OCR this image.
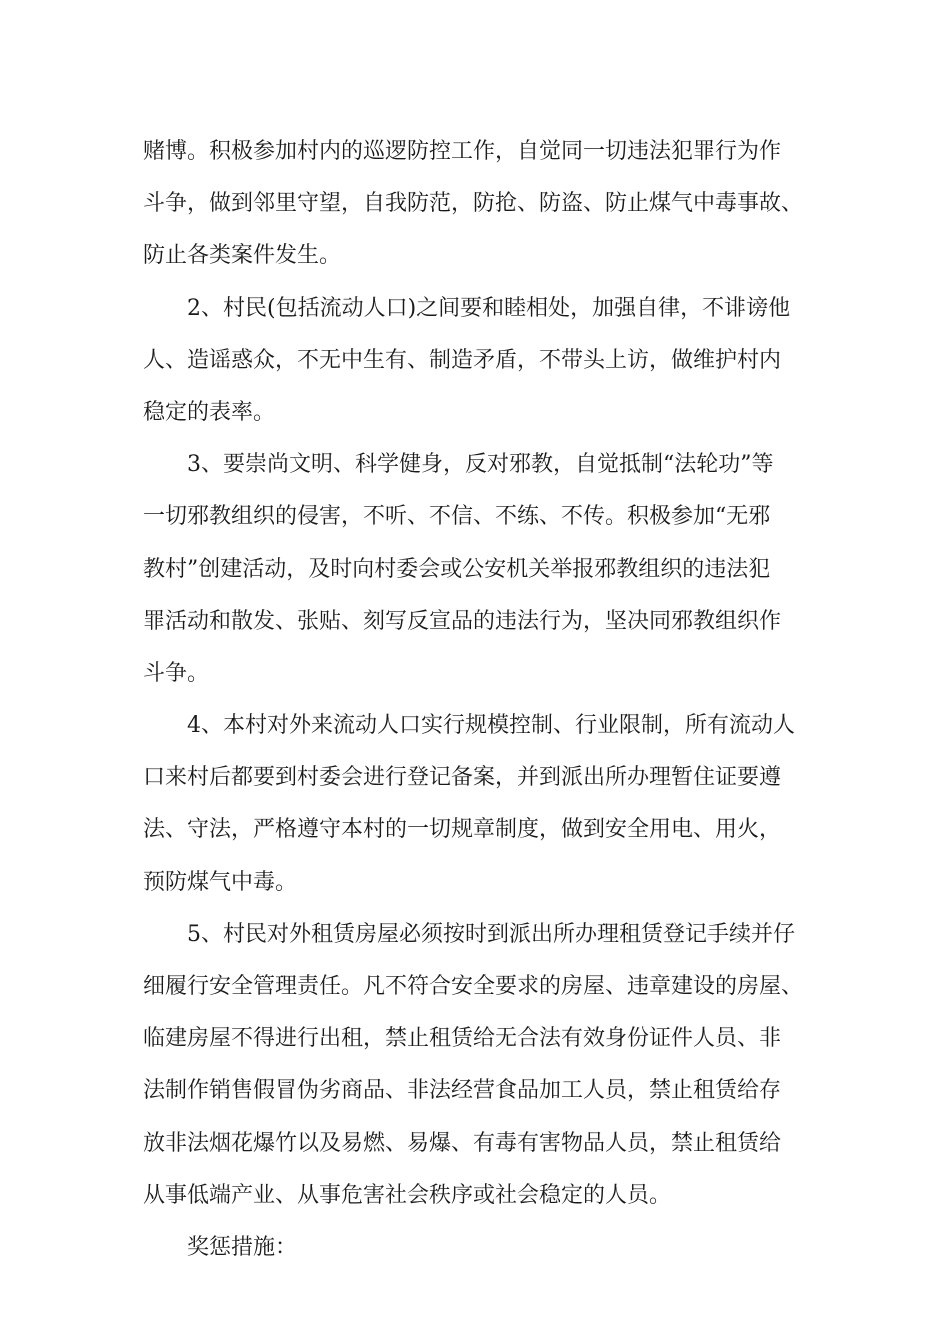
赌博。积极参加村内的巡逻防控工作，自觉同一切违法犯罪行为作
斗争，做到邻里守望，自我防范，防抢、防盗、防止煤气中毒事故、
防止各类案件发生。
2、村民(包括流动人口)之间要和睦相处，加强自律，不诽谤他
人、造谣惑众，不无中生有、制造矛盾，不带头上访，做维护村内
稳定的表率。
3、要崇尚文明、科学健身，反对邪教，自觉抵制“法轮功”等
一切邪教组织的侵害，不听、不信、不练、不传。积极参加“无邪
教村”创建活动，及时向村委会或公安机关举报邪教组织的违法犯
罪活动和散发、张贴、刻写反宣品的违法行为，坚决同邪教组织作
斗争。
4、本村对外来流动人口实行规模控制、行业限制，所有流动人
口来村后都要到村委会进行登记备案，并到派出所办理暂住证要遵
法、守法，严格遵守本村的一切规章制度，做到安全用电、用火，
预防煤气中毒。
5、村民对外租赁房屋必须按时到派出所办理租赁登记手续并仔
细履行安全管理责任。凡不符合安全要求的房屋、违章建设的房屋、
临建房屋不得进行出租，禁止租赁给无合法有效身份证件人员、非
法制作销售假冒伪劣商品、非法经营食品加工人员，禁止租赁给存
放非法烟花爆竹以及易燃、易爆、有毒有害物品人员，禁止租赁给
从事低端产业、从事危害社会秩序或社会稳定的人员。
奖惩措施：
